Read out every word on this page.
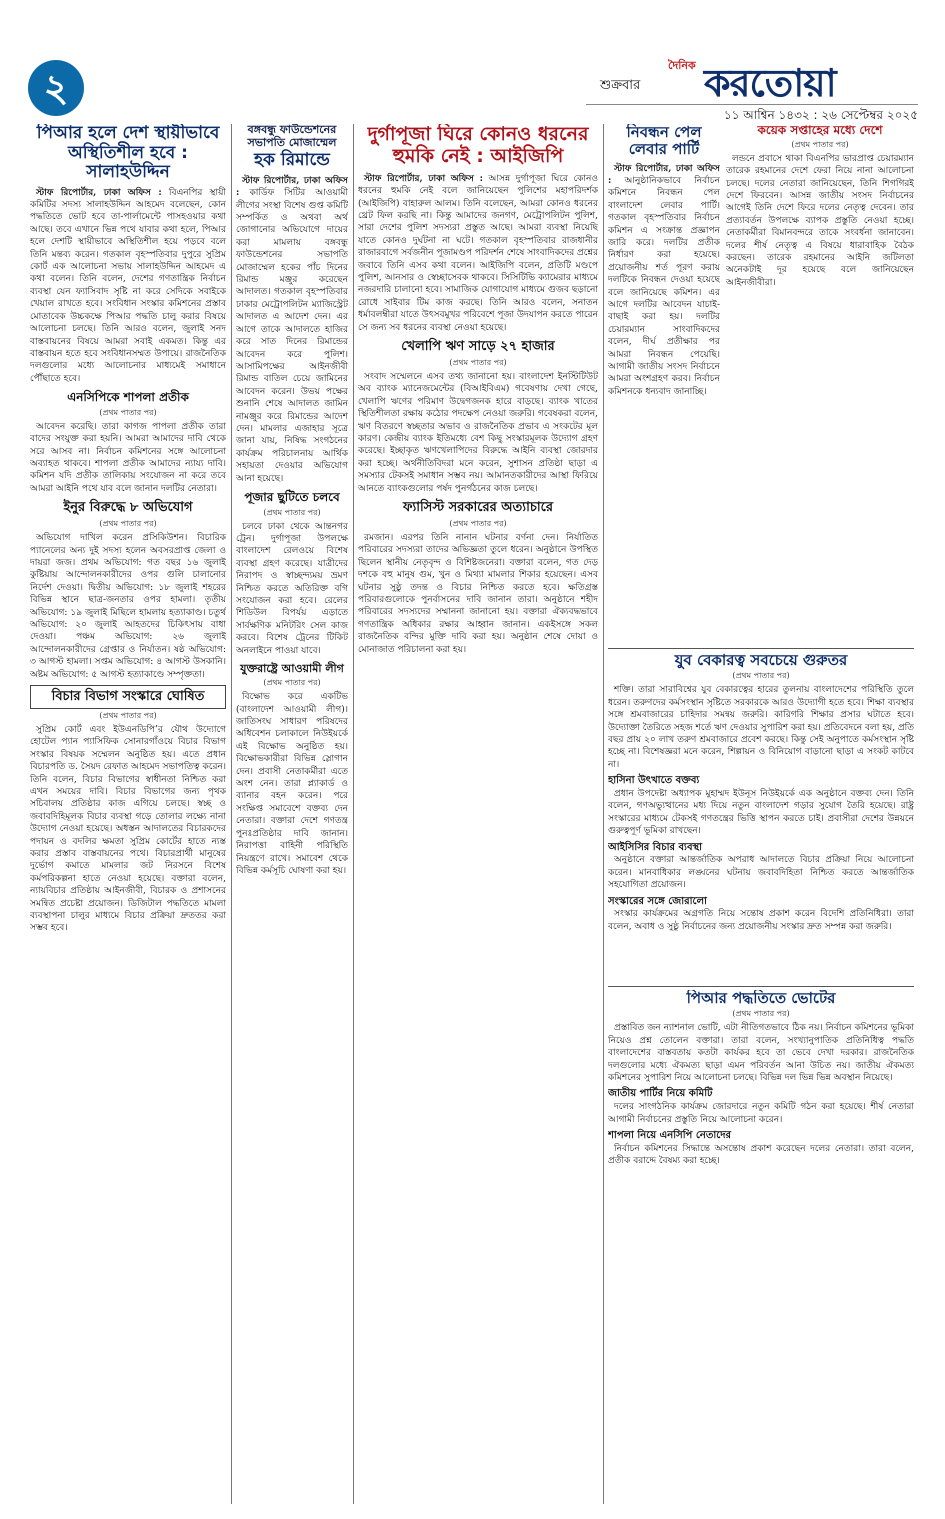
২	শুক্রবার
দৈনিক করতোয়া
১১ আশ্বিন ১৪৩২ : ২৬ সেপ্টেম্বর ২০২৫
পিআর হলে দেশ স্থায়ীভাবে অস্থিতিশীল হবে : সালাহউদ্দিন

স্টাফ রিপোর্টার, ঢাকা অফিস : বিএনপির স্থায়ী কমিটির সদস্য সালাহউদ্দিন আহমেদ বলেছেন, কোন পদ্ধতিতে ভোট হবে তা-পার্লামেন্টে পাসহওয়ার কথা আছে। তবে এখানে ভিন্ন পথে যাবার কথা হলে, পিআর হলে দেশটি স্থায়ীভাবে অস্থিতিশীল হয়ে পড়বে বলে তিনি মন্তব্য করেন। গতকাল বৃহস্পতিবার দুপুরে সুপ্রিম কোর্ট এক আলোচনা সভায় সালাহউদ্দিন আহমেদ এ কথা বলেন। তিনি বলেন, দেশের গণতান্ত্রিক নির্বাচন ব্যবস্থা যেন ফ্যাসিবাদ সৃষ্টি না করে সেদিকে সবাইকে খেয়াল রাখতে হবে। সংবিধান সংস্কার কমিশনের প্রস্তাব মোতাবেক উচ্চকক্ষে পিআর পদ্ধতি চালু করার বিষয়ে আলোচনা চলছে। তিনি আরও বলেন, জুলাই সনদ বাস্তবায়নের বিষয়ে আমরা সবাই একমত। কিন্তু এর বাস্তবায়ন হতে হবে সংবিধানসম্মত উপায়ে। রাজনৈতিক দলগুলোর মধ্যে আলোচনার মাধ্যমেই সমাধানে পৌঁছাতে হবে।

এনসিপিকে শাপলা প্রতীক
(প্রথম পাতার পর)

আবেদন করেছি। তারা কাগজ পাপলা প্রতীক তারা বাদের সংযুক্ত করা হয়নি। আমরা আমাদের দাবি থেকে সরে আসব না। নির্বাচন কমিশনের সঙ্গে আলোচনা অব্যাহত থাকবে। শাপলা প্রতীক আমাদের ন্যায্য দাবি। কমিশন যদি প্রতীক তালিকায় সংযোজন না করে তবে আমরা আইনি পথে যাব বলে জানান দলটির নেতারা।

ইনুর বিরুদ্ধে ৮ অভিযোগ
(প্রথম পাতার পর)

অভিযোগ দাখিল করেন প্রসিকিউশন। বিচারিক প্যানেলের অন্য দুই সদস্য হলেন অবসরপ্রাপ্ত জেলা ও দায়রা জজ। প্রথম অভিযোগ: গত বছর ১৬ জুলাই কুষ্টিয়ায় আন্দোলনকারীদের ওপর গুলি চালানোর নির্দেশ দেওয়া। দ্বিতীয় অভিযোগ: ১৮ জুলাই শহরের বিভিন্ন স্থানে ছাত্র-জনতার ওপর হামলা। তৃতীয় অভিযোগ: ১৯ জুলাই মিছিলে হামলায় হত্যাকাণ্ড। চতুর্থ অভিযোগ: ২০ জুলাই আহতদের চিকিৎসায় বাধা দেওয়া। পঞ্চম অভিযোগ: ২৬ জুলাই আন্দোলনকারীদের গ্রেপ্তার ও নির্যাতন। ষষ্ঠ অভিযোগ: ৩ আগস্ট হামলা। সপ্তম অভিযোগ: ৪ আগস্ট উসকানি। অষ্টম অভিযোগ: ৫ আগস্ট হত্যাকাণ্ডে সম্পৃক্ততা।

বিচার বিভাগ সংস্কারে ঘোষিত
(প্রথম পাতার পর)

সুপ্রিম কোর্ট এবং ইউএনডিপি’র যৌথ উদ্যোগে হোটেল প্যান প্যাসিফিক সোনারগাঁওয়ে বিচার বিভাগ সংস্কার বিষয়ক সম্মেলন অনুষ্ঠিত হয়। এতে প্রধান বিচারপতি ড. সৈয়দ রেফাত আহমেদ সভাপতিত্ব করেন। তিনি বলেন, বিচার বিভাগের স্বাধীনতা নিশ্চিত করা এখন সময়ের দাবি। বিচার বিভাগের জন্য পৃথক সচিবালয় প্রতিষ্ঠার কাজ এগিয়ে চলছে। স্বচ্ছ ও জবাবদিহিমূলক বিচার ব্যবস্থা গড়ে তোলার লক্ষ্যে নানা উদ্যোগ নেওয়া হয়েছে। অধস্তন আদালতের বিচারকদের পদায়ন ও বদলির ক্ষমতা সুপ্রিম কোর্টের হাতে ন্যস্ত করার প্রস্তাব বাস্তবায়নের পথে। বিচারপ্রার্থী মানুষের দুর্ভোগ কমাতে মামলার জট নিরসনে বিশেষ কর্মপরিকল্পনা হাতে নেওয়া হয়েছে। বক্তারা বলেন, ন্যায়বিচার প্রতিষ্ঠায় আইনজীবী, বিচারক ও প্রশাসনের সমন্বিত প্রচেষ্টা প্রয়োজন। ডিজিটাল পদ্ধতিতে মামলা ব্যবস্থাপনা চালুর মাধ্যমে বিচার প্রক্রিয়া দ্রুততর করা সম্ভব হবে।

বঙ্গবন্ধু ফাউন্ডেশনের সভাপতি মোজাম্মেল
হক রিমান্ডে

স্টাফ রিপোর্টার, ঢাকা অফিস : কার্ডিফ সিটির আওয়ামী লীগের সংস্থা বিশেষ গুপ্ত কমিটি সম্পর্কিত ও অথবা অর্থ জোগানোর অভিযোগে দায়ের করা মামলায় বঙ্গবন্ধু ফাউন্ডেশনের সভাপতি মোজাম্মেল হকের পাঁচ দিনের রিমান্ড মঞ্জুর করেছেন আদালত। গতকাল বৃহস্পতিবার ঢাকার মেট্রোপলিটন ম্যাজিস্ট্রেট আদালত এ আদেশ দেন। এর আগে তাকে আদালতে হাজির করে সাত দিনের রিমান্ডের আবেদন করে পুলিশ। আসামিপক্ষের আইনজীবী রিমান্ড বাতিল চেয়ে জামিনের আবেদন করেন। উভয় পক্ষের শুনানি শেষে আদালত জামিন নামঞ্জুর করে রিমান্ডের আদেশ দেন। মামলার এজাহার সূত্রে জানা যায়, নিষিদ্ধ সংগঠনের কার্যক্রম পরিচালনায় আর্থিক সহায়তা দেওয়ার অভিযোগ আনা হয়েছে।

পূজার ছুটিতে চলবে
(প্রথম পাতার পর)

চলবে ঢাকা থেকে আন্তনগর ট্রেন। দুর্গাপূজা উপলক্ষে বাংলাদেশ রেলওয়ে বিশেষ ব্যবস্থা গ্রহণ করেছে। যাত্রীদের নিরাপদ ও স্বাচ্ছন্দ্যময় ভ্রমণ নিশ্চিত করতে অতিরিক্ত বগি সংযোজন করা হবে। রেলের শিডিউল বিপর্যয় এড়াতে সার্বক্ষণিক মনিটরিং সেল কাজ করবে। বিশেষ ট্রেনের টিকিট অনলাইনে পাওয়া যাবে।

যুক্তরাষ্ট্রে আওয়ামী লীগ
(প্রথম পাতার পর)

বিক্ষোভ করে একটিভ (বাংলাদেশ আওয়ামী লীগ)। জাতিসংঘ সাধারণ পরিষদের অধিবেশন চলাকালে নিউইয়র্কে এই বিক্ষোভ অনুষ্ঠিত হয়। বিক্ষোভকারীরা বিভিন্ন স্লোগান দেন। প্রবাসী নেতাকর্মীরা এতে অংশ নেন। তারা প্ল্যাকার্ড ও ব্যানার বহন করেন। পরে সংক্ষিপ্ত সমাবেশে বক্তব্য দেন নেতারা। বক্তারা দেশে গণতন্ত্র পুনঃপ্রতিষ্ঠার দাবি জানান। নিরাপত্তা বাহিনী পরিস্থিতি নিয়ন্ত্রণে রাখে। সমাবেশ থেকে বিভিন্ন কর্মসূচি ঘোষণা করা হয়।

দুর্গাপূজা ঘিরে কোনও ধরনের হুমকি নেই : আইজিপি

স্টাফ রিপোর্টার, ঢাকা অফিস : আসন্ন দুর্গাপূজা ঘিরে কোনও ধরনের হুমকি নেই বলে জানিয়েছেন পুলিশের মহাপরিদর্শক (আইজিপি) বাহারুল আলম। তিনি বলেছেন, আমরা কোনও ধরনের থ্রেট ফিল করছি না। কিন্তু আমাদের জনগণ, মেট্রোপলিটন পুলিশ, সারা দেশের পুলিশ সদস্যরা প্রস্তুত আছে। আমরা ব্যবস্থা নিয়েছি যাতে কোনও দুর্ঘটনা না ঘটে। গতকাল বৃহস্পতিবার রাজধানীর রাজারবাগে সর্বজনীন পূজামণ্ডপ পরিদর্শন শেষে সাংবাদিকদের প্রশ্নের জবাবে তিনি এসব কথা বলেন। আইজিপি বলেন, প্রতিটি মণ্ডপে পুলিশ, আনসার ও স্বেচ্ছাসেবক থাকবে। সিসিটিভি ক্যামেরার মাধ্যমে নজরদারি চালানো হবে। সামাজিক যোগাযোগ মাধ্যমে গুজব ছড়ানো রোধে সাইবার টিম কাজ করছে। তিনি আরও বলেন, সনাতন ধর্মাবলম্বীরা যাতে উৎসবমুখর পরিবেশে পূজা উদযাপন করতে পারেন সে জন্য সব ধরনের ব্যবস্থা নেওয়া হয়েছে।

খেলাপি ঋণ সাড়ে ২৭ হাজার
(প্রথম পাতার পর)

সংবাদ সম্মেলনে এসব তথ্য জানানো হয়। বাংলাদেশ ইনস্টিটিউট অব ব্যাংক ম্যানেজমেন্টের (বিআইবিএম) গবেষণায় দেখা গেছে, খেলাপি ঋণের পরিমাণ উদ্বেগজনক হারে বাড়ছে। ব্যাংক খাতের স্থিতিশীলতা রক্ষায় কঠোর পদক্ষেপ নেওয়া জরুরি। গবেষকরা বলেন, ঋণ বিতরণে স্বচ্ছতার অভাব ও রাজনৈতিক প্রভাব এ সংকটের মূল কারণ। কেন্দ্রীয় ব্যাংক ইতিমধ্যে বেশ কিছু সংস্কারমূলক উদ্যোগ গ্রহণ করেছে। ইচ্ছাকৃত ঋণখেলাপিদের বিরুদ্ধে আইনি ব্যবস্থা জোরদার করা হচ্ছে। অর্থনীতিবিদরা মনে করেন, সুশাসন প্রতিষ্ঠা ছাড়া এ সমস্যার টেকসই সমাধান সম্ভব নয়। আমানতকারীদের আস্থা ফিরিয়ে আনতে ব্যাংকগুলোর পর্ষদ পুনর্গঠনের কাজ চলছে।

ফ্যাসিস্ট সরকারের অত্যাচারে
(প্রথম পাতার পর)

রমজান। এরপর তিনি নানান ঘটনার বর্ণনা দেন। নির্যাতিত পরিবারের সদস্যরা তাদের অভিজ্ঞতা তুলে ধরেন। অনুষ্ঠানে উপস্থিত ছিলেন স্থানীয় নেতৃবৃন্দ ও বিশিষ্টজনেরা। বক্তারা বলেন, গত দেড় দশকে বহু মানুষ গুম, খুন ও মিথ্যা মামলার শিকার হয়েছেন। এসব ঘটনার সুষ্ঠু তদন্ত ও বিচার নিশ্চিত করতে হবে। ক্ষতিগ্রস্ত পরিবারগুলোকে পুনর্বাসনের দাবি জানান তারা। অনুষ্ঠানে শহীদ পরিবারের সদস্যদের সম্মাননা জানানো হয়। বক্তারা ঐক্যবদ্ধভাবে গণতান্ত্রিক অধিকার রক্ষার আহ্বান জানান। একইসঙ্গে সকল রাজনৈতিক বন্দির মুক্তি দাবি করা হয়। অনুষ্ঠান শেষে দোয়া ও মোনাজাত পরিচালনা করা হয়।

নিবন্ধন পেল লেবার পার্টি

স্টাফ রিপোর্টার, ঢাকা অফিস : আনুষ্ঠানিকভাবে নির্বাচন কমিশনে নিবন্ধন পেল বাংলাদেশ লেবার পার্টি। গতকাল বৃহস্পতিবার নির্বাচন কমিশন এ সংক্রান্ত প্রজ্ঞাপন জারি করে। দলটির প্রতীক নির্ধারণ করা হয়েছে। প্রয়োজনীয় শর্ত পূরণ করায় দলটিকে নিবন্ধন দেওয়া হয়েছে বলে জানিয়েছে কমিশন। এর আগে দলটির আবেদন যাচাই-বাছাই করা হয়। দলটির চেয়ারম্যান সাংবাদিকদের বলেন, দীর্ঘ প্রতীক্ষার পর আমরা নিবন্ধন পেয়েছি। আগামী জাতীয় সংসদ নির্বাচনে আমরা অংশগ্রহণ করব। নির্বাচন কমিশনকে ধন্যবাদ জানাচ্ছি।

কয়েক সপ্তাহের মধ্যে দেশে
(প্রথম পাতার পর)

লন্ডনে প্রবাসে থাকা বিএনপির ভারপ্রাপ্ত চেয়ারম্যান তারেক রহমানের দেশে ফেরা নিয়ে নানা আলোচনা চলছে। দলের নেতারা জানিয়েছেন, তিনি শিগগিরই দেশে ফিরবেন। আসন্ন জাতীয় সংসদ নির্বাচনের আগেই তিনি দেশে ফিরে দলের নেতৃত্ব দেবেন। তার প্রত্যাবর্তন উপলক্ষে ব্যাপক প্রস্তুতি নেওয়া হচ্ছে। নেতাকর্মীরা বিমানবন্দরে তাকে সংবর্ধনা জানাবেন। দলের শীর্ষ নেতৃত্ব এ বিষয়ে ধারাবাহিক বৈঠক করছেন। তারেক রহমানের আইনি জটিলতা অনেকটাই দূর হয়েছে বলে জানিয়েছেন আইনজীবীরা।

যুব বেকারত্ব সবচেয়ে গুরুতর
(প্রথম পাতার পর)

শক্তি। তারা সারাবিশ্বের যুব বেকারত্বের হারের তুলনায় বাংলাদেশের পরিস্থিতি তুলে ধরেন। তরুণদের কর্মসংস্থান সৃষ্টিতে সরকারকে আরও উদ্যোগী হতে হবে। শিক্ষা ব্যবস্থার সঙ্গে শ্রমবাজারের চাহিদার সমন্বয় জরুরি। কারিগরি শিক্ষার প্রসার ঘটাতে হবে। উদ্যোক্তা তৈরিতে সহজ শর্তে ঋণ দেওয়ার সুপারিশ করা হয়। প্রতিবেদনে বলা হয়, প্রতি বছর প্রায় ২০ লাখ তরুণ শ্রমবাজারে প্রবেশ করছে। কিন্তু সেই অনুপাতে কর্মসংস্থান সৃষ্টি হচ্ছে না। বিশেষজ্ঞরা মনে করেন, শিল্পায়ন ও বিনিয়োগ বাড়ানো ছাড়া এ সংকট কাটবে না।

হাসিনা উৎখাতে বক্তব্য

প্রধান উপদেষ্টা অধ্যাপক মুহাম্মদ ইউনূস নিউইয়র্কে এক অনুষ্ঠানে বক্তব্য দেন। তিনি বলেন, গণঅভ্যুত্থানের মধ্য দিয়ে নতুন বাংলাদেশ গড়ার সুযোগ তৈরি হয়েছে। রাষ্ট্র সংস্কারের মাধ্যমে টেকসই গণতন্ত্রের ভিত্তি স্থাপন করতে চাই। প্রবাসীরা দেশের উন্নয়নে গুরুত্বপূর্ণ ভূমিকা রাখছেন।

আইসিসির বিচার ব্যবস্থা

অনুষ্ঠানে বক্তারা আন্তর্জাতিক অপরাধ আদালতে বিচার প্রক্রিয়া নিয়ে আলোচনা করেন। মানবাধিকার লঙ্ঘনের ঘটনায় জবাবদিহিতা নিশ্চিত করতে আন্তর্জাতিক সহযোগিতা প্রয়োজন।

সংস্কারের সঙ্গে জোরালো

সংস্কার কার্যক্রমের অগ্রগতি নিয়ে সন্তোষ প্রকাশ করেন বিদেশি প্রতিনিধিরা। তারা বলেন, অবাধ ও সুষ্ঠু নির্বাচনের জন্য প্রয়োজনীয় সংস্কার দ্রুত সম্পন্ন করা জরুরি।

পিআর পদ্ধতিতে ভোটের
(প্রথম পাতার পর)

প্রস্তাবিত জন ন্যাশনাল ভোটি, এটা নীতিগতভাবে ঠিক নয়। নির্বাচন কমিশনের ভূমিকা নিয়েও প্রশ্ন তোলেন বক্তারা। তারা বলেন, সংখ্যানুপাতিক প্রতিনিধিত্ব পদ্ধতি বাংলাদেশের বাস্তবতায় কতটা কার্যকর হবে তা ভেবে দেখা দরকার। রাজনৈতিক দলগুলোর মধ্যে ঐকমত্য ছাড়া এমন পরিবর্তন আনা উচিত নয়। জাতীয় ঐকমত্য কমিশনের সুপারিশ নিয়ে আলোচনা চলছে। বিভিন্ন দল ভিন্ন ভিন্ন অবস্থান নিয়েছে।

জাতীয় পার্টির নিয়ে কমিটি

দলের সাংগঠনিক কার্যক্রম জোরদারে নতুন কমিটি গঠন করা হয়েছে। শীর্ষ নেতারা আগামী নির্বাচনের প্রস্তুতি নিয়ে আলোচনা করেন।

শাপলা নিয়ে এনসিপি নেতাদের

নির্বাচন কমিশনের সিদ্ধান্তে অসন্তোষ প্রকাশ করেছেন দলের নেতারা। তারা বলেন, প্রতীক বরাদ্দে বৈষম্য করা হচ্ছে।
